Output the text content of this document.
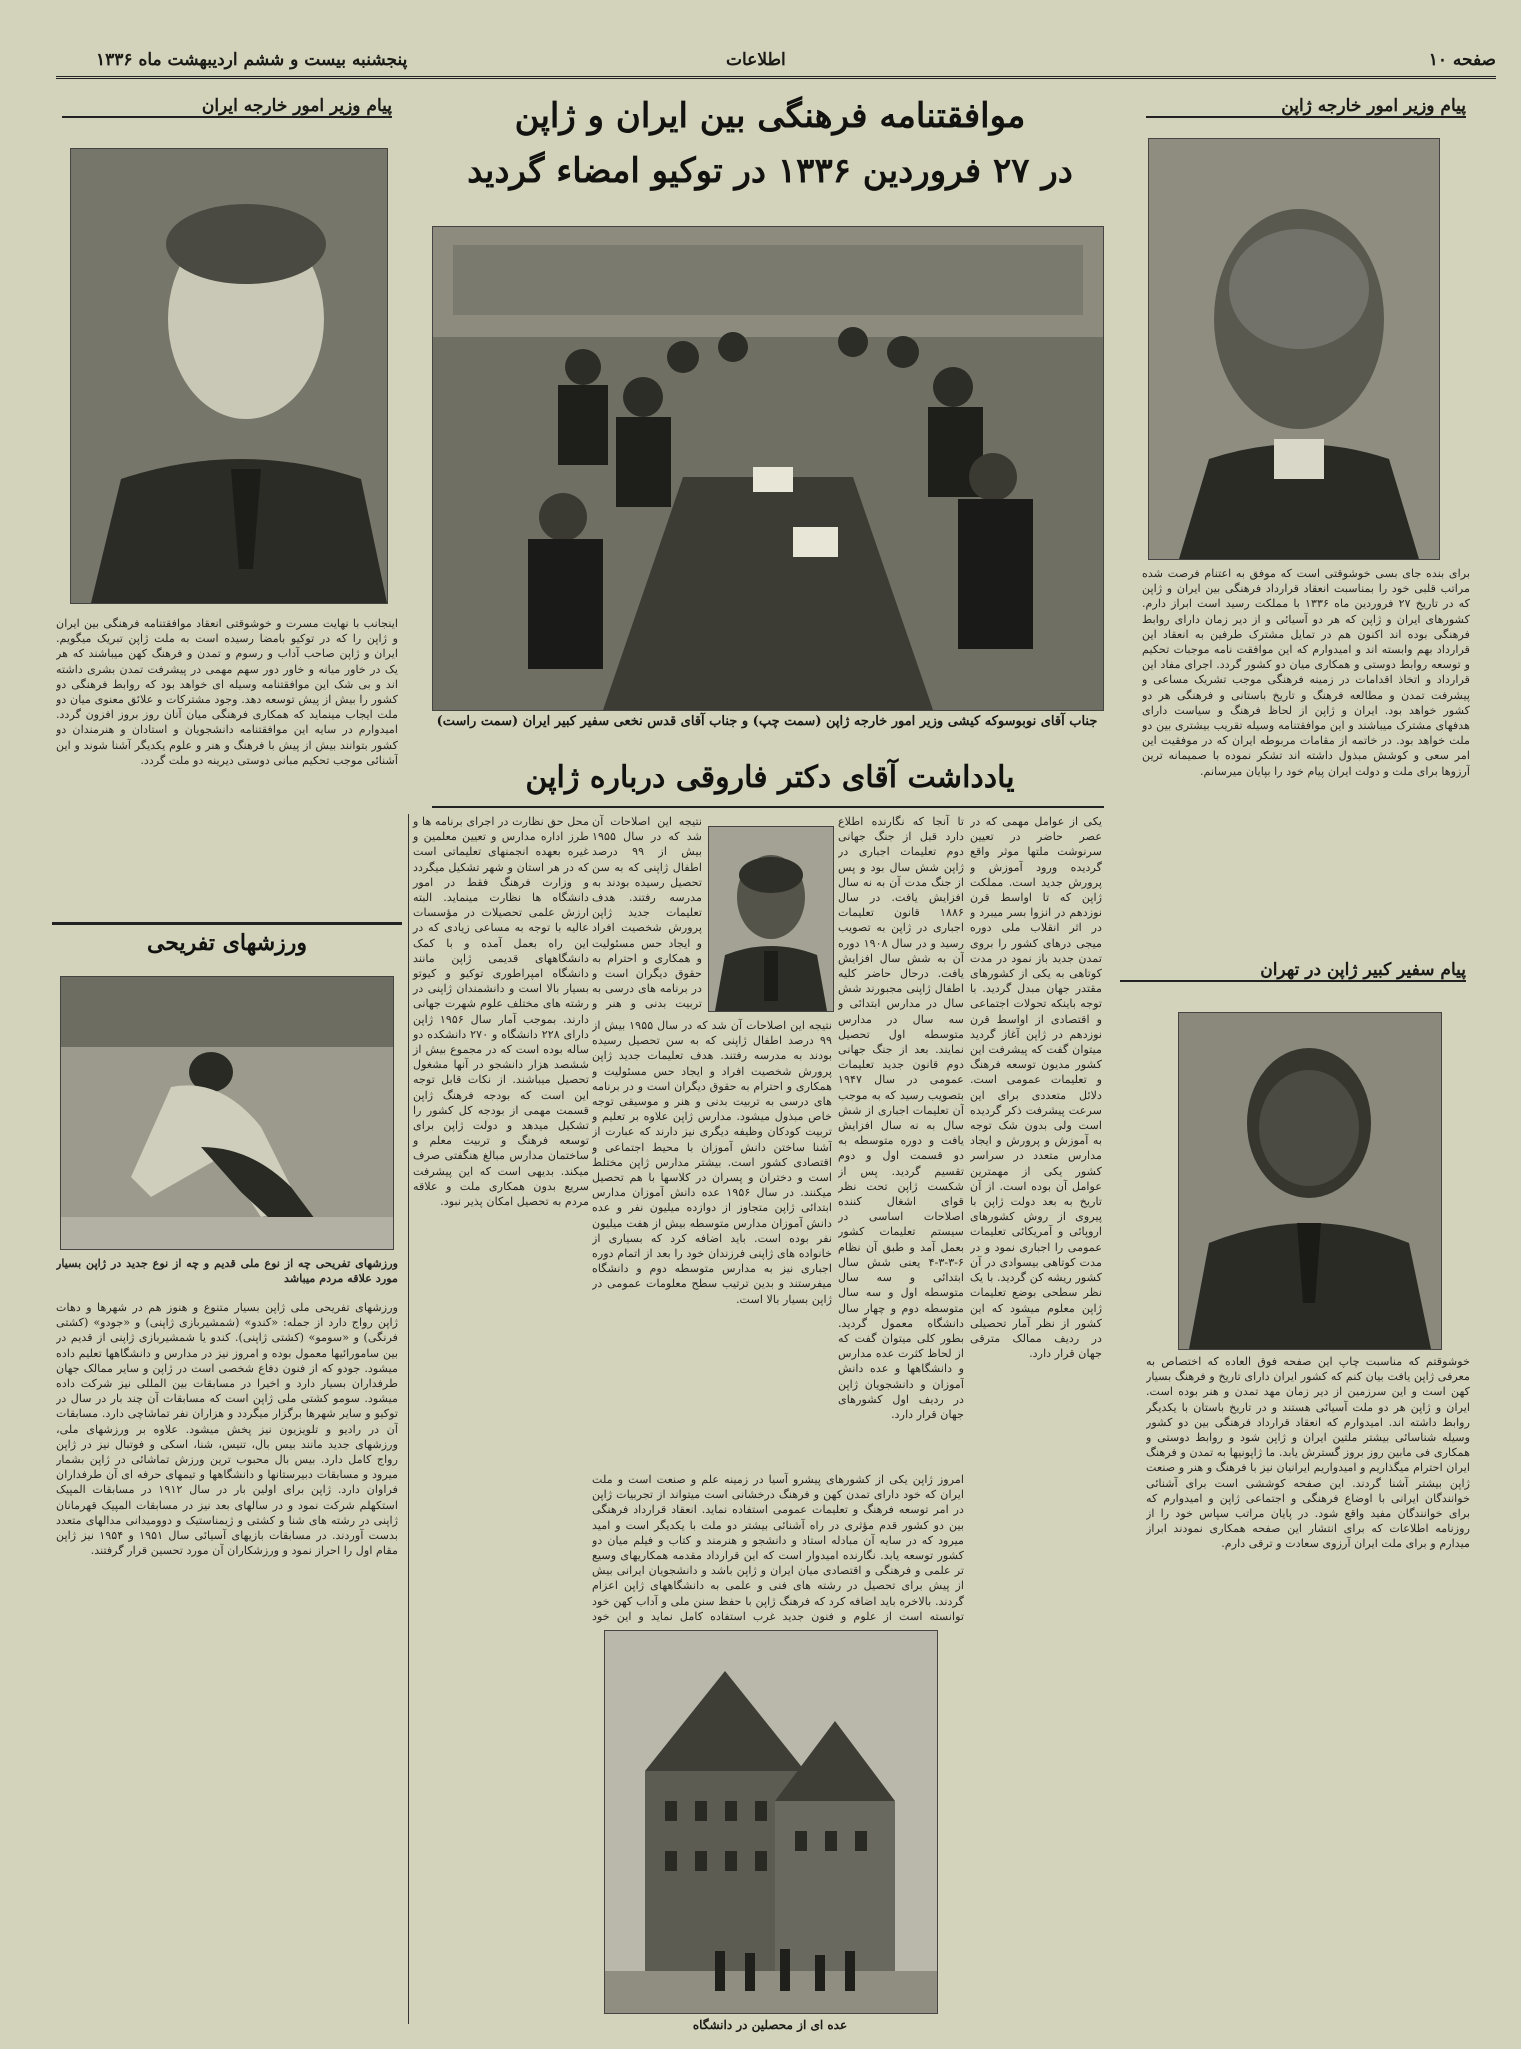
صفحه ۱۰
اطلاعات
پنجشنبه بیست و ششم اردیبهشت ماه ۱۳۳۶
موافقتنامه فرهنگی بین ایران و ژاپن
در ۲۷ فروردین ۱۳۳۶ در توکیو امضاء گردید
جناب آقای نوبوسوکه کیشی وزیر امور خارجه ژاپن (سمت چپ) و جناب آقای قدس نخعی سفیر کبیر ایران (سمت راست)
پیام وزیر امور خارجه ژاپن

برای بنده جای بسی خوشوقتی است که موفق به اعتنام فرصت شده مراتب قلبی خود را بمناسبت انعقاد قرارداد فرهنگی بین ایران و ژاپن که در تاریخ ۲۷ فروردین ماه ۱۳۳۶ با مملکت رسید است ابراز دارم. کشورهای ایران و ژاپن که هر دو آسیائی و از دیر زمان دارای روابط فرهنگی بوده اند اکنون هم در تمایل مشترک طرفین به انعقاد این قرارداد بهم وابسته اند و امیدوارم که این موافقت نامه موجبات تحکیم و توسعه روابط دوستی و همکاری میان دو کشور گردد. اجرای مفاد این قرارداد و اتخاذ اقدامات در زمینه فرهنگی موجب تشریک مساعی و پیشرفت تمدن و مطالعه فرهنگ و تاریخ باستانی و فرهنگی هر دو کشور خواهد بود. ایران و ژاپن از لحاظ فرهنگ و سیاست دارای هدفهای مشترک میباشند و این موافقتنامه وسیله تقریب بیشتری بین دو ملت خواهد بود. در خاتمه از مقامات مربوطه ایران که در موفقیت این امر سعی و کوشش مبذول داشته اند تشکر نموده با صمیمانه ترین آرزوها برای ملت و دولت ایران پیام خود را بپایان میرسانم.

پیام سفیر کبیر ژاپن در تهران

خوشوقتم که مناسبت چاپ این صفحه فوق العاده که اختصاص به معرفی ژاپن یافت بیان کنم که کشور ایران دارای تاریخ و فرهنگ بسیار کهن است و این سرزمین از دیر زمان مهد تمدن و هنر بوده است. ایران و ژاپن هر دو ملت آسیائی هستند و در تاریخ باستان با یکدیگر روابط داشته اند. امیدوارم که انعقاد قرارداد فرهنگی بین دو کشور وسیله شناسائی بیشتر ملتین ایران و ژاپن شود و روابط دوستی و همکاری فی مابین روز بروز گسترش یابد. ما ژاپونیها به تمدن و فرهنگ ایران احترام میگذاریم و امیدواریم ایرانیان نیز با فرهنگ و هنر و صنعت ژاپن بیشتر آشنا گردند. این صفحه کوششی است برای آشنائی خوانندگان ایرانی با اوضاع فرهنگی و اجتماعی ژاپن و امیدوارم که برای خوانندگان مفید واقع شود. در پایان مراتب سپاس خود را از روزنامه اطلاعات که برای انتشار این صفحه همکاری نمودند ابراز میدارم و برای ملت ایران آرزوی سعادت و ترقی دارم.

پیام وزیر امور خارجه ایران

اینجانب با نهایت مسرت و خوشوقتی انعقاد موافقتنامه فرهنگی بین ایران و ژاپن را که در توکیو بامضا رسیده است به ملت ژاپن تبریک میگویم. ایران و ژاپن صاحب آداب و رسوم و تمدن و فرهنگ کهن میباشند که هر یک در خاور میانه و خاور دور سهم مهمی در پیشرفت تمدن بشری داشته اند و بی شک این موافقتنامه وسیله ای خواهد بود که روابط فرهنگی دو کشور را بیش از پیش توسعه دهد. وجود مشترکات و علائق معنوی میان دو ملت ایجاب مینماید که همکاری فرهنگی میان آنان روز بروز افزون گردد. امیدوارم در سایه این موافقتنامه دانشجویان و استادان و هنرمندان دو کشور بتوانند بیش از پیش با فرهنگ و هنر و علوم یکدیگر آشنا شوند و این آشنائی موجب تحکیم مبانی دوستی دیرینه دو ملت گردد.

ورزشهای تفریحی

ورزشهای تفریحی چه از نوع ملی قدیم و چه از نوع جدید در ژاپن بسیار مورد علاقه مردم میباشد

ورزشهای تفریحی ملی ژاپن بسیار متنوع و هنوز هم در شهرها و دهات ژاپن رواج دارد از جمله: «کندو» (شمشیربازی ژاپنی) و «جودو» (کشتی فرنگی) و «سومو» (کشتی ژاپنی). کندو یا شمشیربازی ژاپنی از قدیم در بین سامورائیها معمول بوده و امروز نیز در مدارس و دانشگاهها تعلیم داده میشود. جودو که از فنون دفاع شخصی است در ژاپن و سایر ممالک جهان طرفداران بسیار دارد و اخیرا در مسابقات بین المللی نیز شرکت داده میشود. سومو کشتی ملی ژاپن است که مسابقات آن چند بار در سال در توکیو و سایر شهرها برگزار میگردد و هزاران نفر تماشاچی دارد. مسابقات آن در رادیو و تلویزیون نیز پخش میشود. علاوه بر ورزشهای ملی، ورزشهای جدید مانند بیس بال، تنیس، شنا، اسکی و فوتبال نیز در ژاپن رواج کامل دارد. بیس بال محبوب ترین ورزش تماشائی در ژاپن بشمار میرود و مسابقات دبیرستانها و دانشگاهها و تیمهای حرفه ای آن طرفداران فراوان دارد. ژاپن برای اولین بار در سال ۱۹۱۲ در مسابقات المپیک استکهلم شرکت نمود و در سالهای بعد نیز در مسابقات المپیک قهرمانان ژاپنی در رشته های شنا و کشتی و ژیمناستیک و دوومیدانی مدالهای متعدد بدست آوردند. در مسابقات بازیهای آسیائی سال ۱۹۵۱ و ۱۹۵۴ نیز ژاپن مقام اول را احراز نمود و ورزشکاران آن مورد تحسین قرار گرفتند.

یادداشت آقای دکتر فاروقی درباره ژاپن

یکی از عوامل مهمی که در عصر حاضر در تعیین سرنوشت ملتها موثر واقع گردیده ورود آموزش و پرورش جدید است. مملکت ژاپن که تا اواسط قرن نوزدهم در انزوا بسر میبرد و در اثر انقلاب ملی دوره میجی درهای کشور را بروی تمدن جدید باز نمود در مدت کوتاهی به یکی از کشورهای مقتدر جهان مبدل گردید. با توجه باینکه تحولات اجتماعی و اقتصادی از اواسط قرن نوزدهم در ژاپن آغاز گردید میتوان گفت که پیشرفت این کشور مدیون توسعه فرهنگ و تعلیمات عمومی است. دلائل متعددی برای این سرعت پیشرفت ذکر گردیده است ولی بدون شک توجه به آموزش و پرورش و ایجاد مدارس متعدد در سراسر کشور یکی از مهمترین عوامل آن بوده است. از آن تاریخ به بعد دولت ژاپن با پیروی از روش کشورهای اروپائی و آمریکائی تعلیمات عمومی را اجباری نمود و در مدت کوتاهی بیسوادی در آن کشور ریشه کن گردید. با یک نظر سطحی بوضع تعلیمات ژاپن معلوم میشود که این کشور از نظر آمار تحصیلی در ردیف ممالک مترقی جهان قرار دارد.

تا آنجا که نگارنده اطلاع دارد قبل از جنگ جهانی دوم تعلیمات اجباری در ژاپن شش سال بود و پس از جنگ مدت آن به نه سال افزایش یافت. در سال ۱۸۸۶ قانون تعلیمات اجباری در ژاپن به تصویب رسید و در سال ۱۹۰۸ دوره آن به شش سال افزایش یافت. درحال حاضر کلیه اطفال ژاپنی مجبورند شش سال در مدارس ابتدائی و سه سال در مدارس متوسطه اول تحصیل نمایند. بعد از جنگ جهانی دوم قانون جدید تعلیمات عمومی در سال ۱۹۴۷ بتصویب رسید که به موجب آن تعلیمات اجباری از شش سال به نه سال افزایش یافت و دوره متوسطه به دو قسمت اول و دوم تقسیم گردید. پس از شکست ژاپن تحت نظر قوای اشغال کننده اصلاحات اساسی در سیستم تعلیمات کشور بعمل آمد و طبق آن نظام ۶-۳-۳-۴ یعنی شش سال ابتدائی و سه سال متوسطه اول و سه سال متوسطه دوم و چهار سال دانشگاه معمول گردید. بطور کلی میتوان گفت که از لحاظ کثرت عده مدارس و دانشگاهها و عده دانش آموزان و دانشجویان ژاپن در ردیف اول کشورهای جهان قرار دارد.

نتیجه این اصلاحات آن شد که در سال ۱۹۵۵ بیش از ۹۹ درصد اطفال ژاپنی که به سن تحصیل رسیده بودند به مدرسه رفتند. هدف تعلیمات جدید ژاپن پرورش شخصیت افراد و ایجاد حس مسئولیت و همکاری و احترام به حقوق دیگران است و در برنامه های درسی به تربیت بدنی و هنر و

نتیجه این اصلاحات آن شد که در سال ۱۹۵۵ بیش از ۹۹ درصد اطفال ژاپنی که به سن تحصیل رسیده بودند به مدرسه رفتند. هدف تعلیمات جدید ژاپن پرورش شخصیت افراد و ایجاد حس مسئولیت و همکاری و احترام به حقوق دیگران است و در برنامه های درسی به تربیت بدنی و هنر و موسیقی توجه خاص مبذول میشود. مدارس ژاپن علاوه بر تعلیم و تربیت کودکان وظیفه دیگری نیز دارند که عبارت از آشنا ساختن دانش آموزان با محیط اجتماعی و اقتصادی کشور است. بیشتر مدارس ژاپن مختلط است و دختران و پسران در کلاسها با هم تحصیل میکنند. در سال ۱۹۵۶ عده دانش آموزان مدارس ابتدائی ژاپن متجاوز از دوازده میلیون نفر و عده دانش آموزان مدارس متوسطه بیش از هفت میلیون نفر بوده است. باید اضافه کرد که بسیاری از خانواده های ژاپنی فرزندان خود را بعد از اتمام دوره اجباری نیز به مدارس متوسطه دوم و دانشگاه میفرستند و بدین ترتیب سطح معلومات عمومی در ژاپن بسیار بالا است.

محل حق نظارت در اجرای برنامه ها و طرز اداره مدارس و تعیین معلمین و غیره بعهده انجمنهای تعلیماتی است که در هر استان و شهر تشکیل میگردد و وزارت فرهنگ فقط در امور دانشگاه ها نظارت مینماید. البته ارزش علمی تحصیلات در مؤسسات عالیه با توجه به مساعی زیادی که در این راه بعمل آمده و با کمک دانشگاههای قدیمی ژاپن مانند دانشگاه امپراطوری توکیو و کیوتو بسیار بالا است و دانشمندان ژاپنی در رشته های مختلف علوم شهرت جهانی دارند. بموجب آمار سال ۱۹۵۶ ژاپن دارای ۲۲۸ دانشگاه و ۲۷۰ دانشکده دو ساله بوده است که در مجموع بیش از ششصد هزار دانشجو در آنها مشغول تحصیل میباشند. از نکات قابل توجه این است که بودجه فرهنگ ژاپن قسمت مهمی از بودجه کل کشور را تشکیل میدهد و دولت ژاپن برای توسعه فرهنگ و تربیت معلم و ساختمان مدارس مبالغ هنگفتی صرف میکند. بدیهی است که این پیشرفت سریع بدون همکاری ملت و علاقه مردم به تحصیل امکان پذیر نبود.

امروز ژاپن یکی از کشورهای پیشرو آسیا در زمینه علم و صنعت است و ملت ایران که خود دارای تمدن کهن و فرهنگ درخشانی است میتواند از تجربیات ژاپن در امر توسعه فرهنگ و تعلیمات عمومی استفاده نماید. انعقاد قرارداد فرهنگی بین دو کشور قدم مؤثری در راه آشنائی بیشتر دو ملت با یکدیگر است و امید میرود که در سایه آن مبادله استاد و دانشجو و هنرمند و کتاب و فیلم میان دو کشور توسعه یابد. نگارنده امیدوار است که این قرارداد مقدمه همکاریهای وسیع تر علمی و فرهنگی و اقتصادی میان ایران و ژاپن باشد و دانشجویان ایرانی بیش از پیش برای تحصیل در رشته های فنی و علمی به دانشگاههای ژاپن اعزام گردند. بالاخره باید اضافه کرد که فرهنگ ژاپن با حفظ سنن ملی و آداب کهن خود توانسته است از علوم و فنون جدید غرب استفاده کامل نماید و این خود

عده ای از محصلین در دانشگاه
